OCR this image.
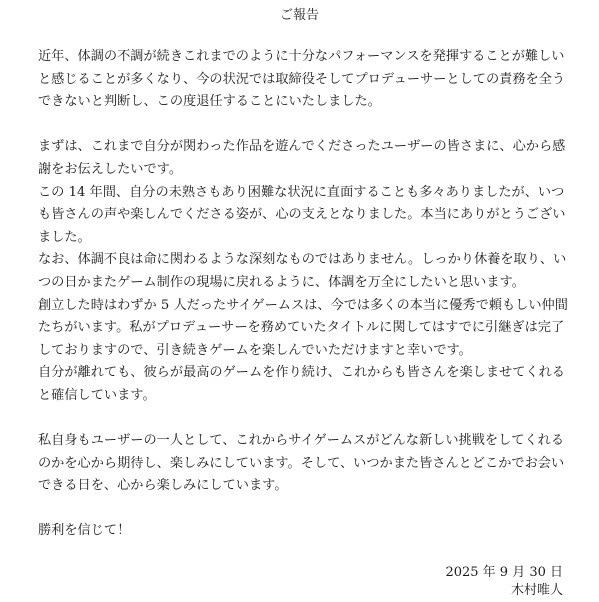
ご報告
近年、体調の不調が続きこれまでのように十分なパフォーマンスを発揮することが難しい
と感じることが多くなり、今の状況では取締役そしてプロデューサーとしての責務を全う
できないと判断し、この度退任することにいたしました。
まずは、これまで自分が関わった作品を遊んでくださったユーザーの皆さまに、心から感
謝をお伝えしたいです。
この 14 年間、自分の未熟さもあり困難な状況に直面することも多々ありましたが、いつ
も皆さんの声や楽しんでくださる姿が、心の支えとなりました。本当にありがとうござい
ました。
なお、体調不良は命に関わるような深刻なものではありません。しっかり休養を取り、い
つの日かまたゲーム制作の現場に戻れるように、体調を万全にしたいと思います。
創立した時はわずか 5 人だったサイゲームスは、今では多くの本当に優秀で頼もしい仲間
たちがいます。私がプロデューサーを務めていたタイトルに関してはすでに引継ぎは完了
しておりますので、引き続きゲームを楽しんでいただけますと幸いです。
自分が離れても、彼らが最高のゲームを作り続け、これからも皆さんを楽しませてくれる
と確信しています。
私自身もユーザーの一人として、これからサイゲームスがどんな新しい挑戦をしてくれる
のかを心から期待し、楽しみにしています。そして、いつかまた皆さんとどこかでお会い
できる日を、心から楽しみにしています。
勝利を信じて！
2025 年 9 月 30 日
木村唯人
